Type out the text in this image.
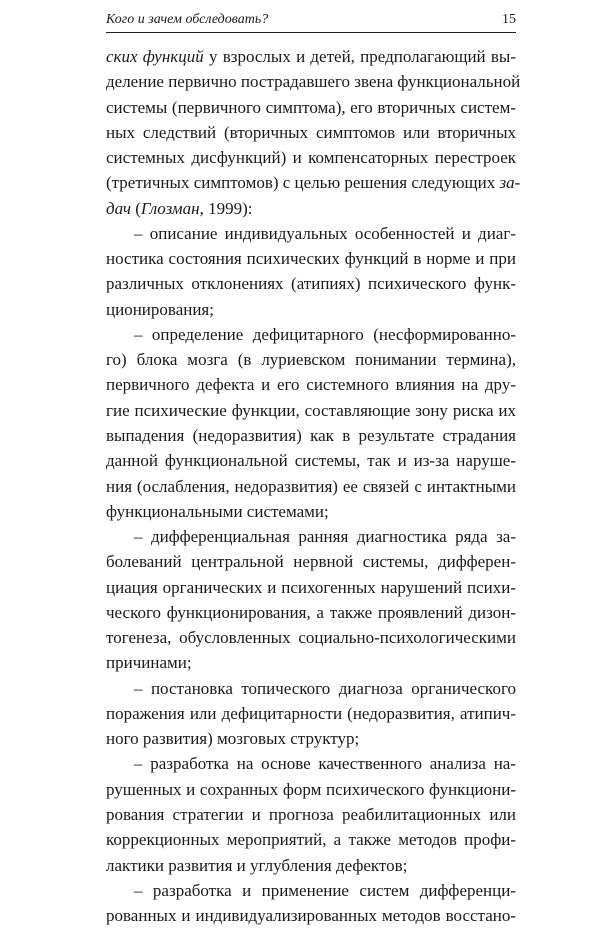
Кого и зачем обследовать?	15
ских функций у взрослых и детей, предполагающий вы-
деление первично пострадавшего звена функциональной
системы (первичного симптома), его вторичных систем-
ных следствий (вторичных симптомов или вторичных
системных дисфункций) и компенсаторных перестроек
(третичных симптомов) с целью решения следующих за-
дач (Глозман, 1999):
– описание индивидуальных особенностей и диаг-
ностика состояния психических функций в норме и при
различных отклонениях (атипиях) психического функ-
ционирования;
– определение дефицитарного (несформированно-
го) блока мозга (в луриевском понимании термина),
первичного дефекта и его системного влияния на дру-
гие психические функции, составляющие зону риска их
выпадения (недоразвития) как в результате страдания
данной функциональной системы, так и из-за наруше-
ния (ослабления, недоразвития) ее связей с интактными
функциональными системами;
– дифференциальная ранняя диагностика ряда за-
болеваний центральной нервной системы, дифферен-
циация органических и психогенных нарушений психи-
ческого функционирования, а также проявлений дизон-
тогенеза, обусловленных социально-психологическими
причинами;
– постановка топического диагноза органического
поражения или дефицитарности (недоразвития, атипич-
ного развития) мозговых структур;
– разработка на основе качественного анализа на-
рушенных и сохранных форм психического функциони-
рования стратегии и прогноза реабилитационных или
коррекционных мероприятий, а также методов профи-
лактики развития и углубления дефектов;
– разработка и применение систем дифференци-
рованных и индивидуализированных методов восстано-
